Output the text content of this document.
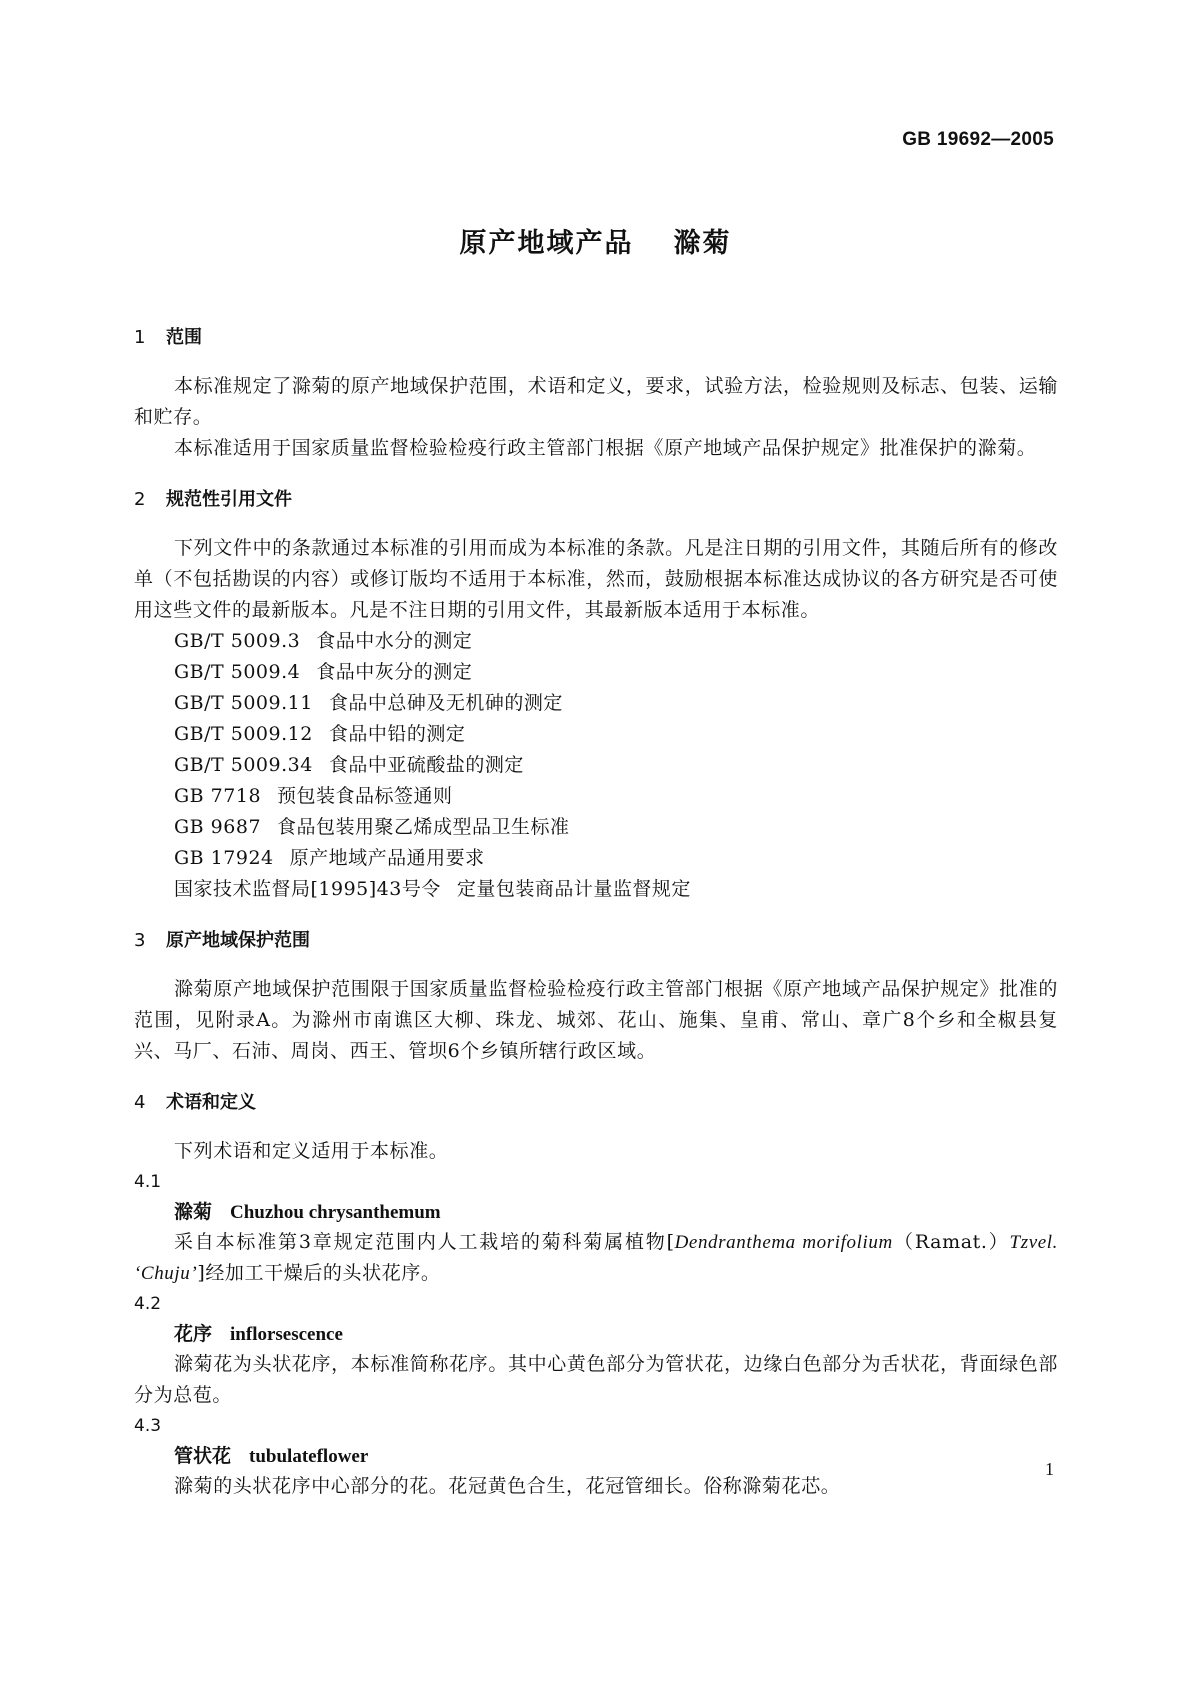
GB 19692—2005
原产地域产品 滁菊
1 范围

本标准规定了滁菊的原产地域保护范围，术语和定义，要求，试验方法，检验规则及标志、包装、运输和贮存。

本标准适用于国家质量监督检验检疫行政主管部门根据《原产地域产品保护规定》批准保护的滁菊。

2 规范性引用文件

下列文件中的条款通过本标准的引用而成为本标准的条款。凡是注日期的引用文件，其随后所有的修改单（不包括勘误的内容）或修订版均不适用于本标准，然而，鼓励根据本标准达成协议的各方研究是否可使用这些文件的最新版本。凡是不注日期的引用文件，其最新版本适用于本标准。

GB/T 5009.3 食品中水分的测定
GB/T 5009.4 食品中灰分的测定
GB/T 5009.11 食品中总砷及无机砷的测定
GB/T 5009.12 食品中铅的测定
GB/T 5009.34 食品中亚硫酸盐的测定
GB 7718 预包装食品标签通则
GB 9687 食品包装用聚乙烯成型品卫生标准
GB 17924 原产地域产品通用要求
国家技术监督局[1995]43号令 定量包装商品计量监督规定
3 原产地域保护范围

滁菊原产地域保护范围限于国家质量监督检验检疫行政主管部门根据《原产地域产品保护规定》批准的范围，见附录A。为滁州市南谯区大柳、珠龙、城郊、花山、施集、皇甫、常山、章广8个乡和全椒县复兴、马厂、石沛、周岗、西王、管坝6个乡镇所辖行政区域。

4 术语和定义

下列术语和定义适用于本标准。

4.1
滁菊 Chuzhou chrysanthemum

采自本标准第3章规定范围内人工栽培的菊科菊属植物[Dendranthema morifolium（Ramat.）Tzvel. ‘Chuju’]经加工干燥后的头状花序。

4.2
花序 inflorsescence

滁菊花为头状花序，本标准简称花序。其中心黄色部分为管状花，边缘白色部分为舌状花，背面绿色部分为总苞。

4.3
管状花 tubulateflower

滁菊的头状花序中心部分的花。花冠黄色合生，花冠管细长。俗称滁菊花芯。

1
